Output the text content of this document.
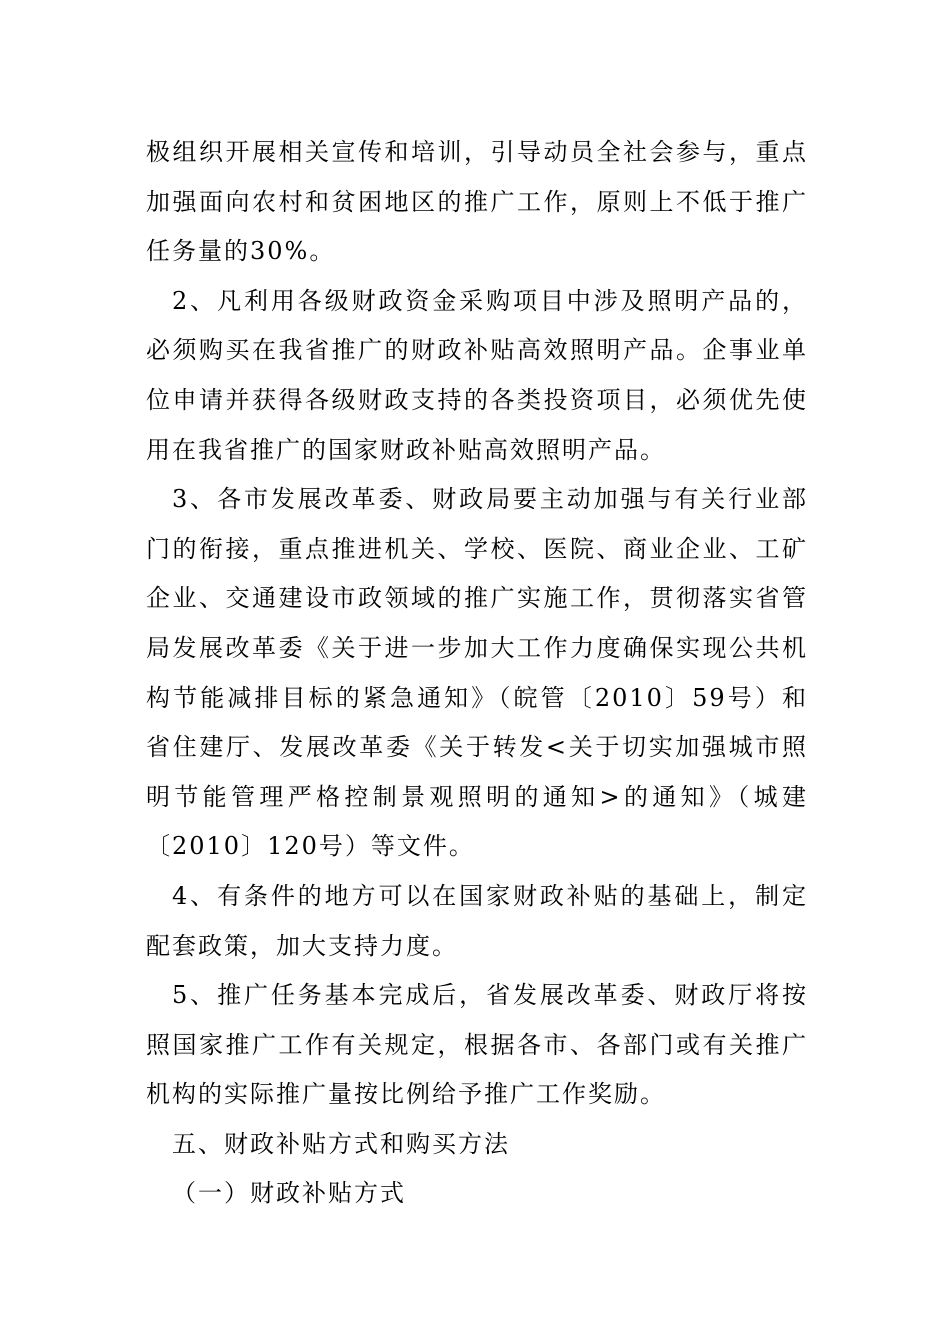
极组织开展相关宣传和培训，引导动员全社会参与，重点加强面向农村和贫困地区的推广工作，原则上不低于推广任务量的30%。

2、凡利用各级财政资金采购项目中涉及照明产品的，必须购买在我省推广的财政补贴高效照明产品。企事业单位申请并获得各级财政支持的各类投资项目，必须优先使用在我省推广的国家财政补贴高效照明产品。

3、各市发展改革委、财政局要主动加强与有关行业部门的衔接，重点推进机关、学校、医院、商业企业、工矿企业、交通建设市政领域的推广实施工作，贯彻落实省管局发展改革委《关于进一步加大工作力度确保实现公共机构节能减排目标的紧急通知》（皖管〔2010〕59号）和省住建厅、发展改革委《关于转发<关于切实加强城市照明节能管理严格控制景观照明的通知>的通知》（城建〔2010〕120号）等文件。

4、有条件的地方可以在国家财政补贴的基础上，制定配套政策，加大支持力度。

5、推广任务基本完成后，省发展改革委、财政厅将按照国家推广工作有关规定，根据各市、各部门或有关推广机构的实际推广量按比例给予推广工作奖励。

五、财政补贴方式和购买方法

（一）财政补贴方式
